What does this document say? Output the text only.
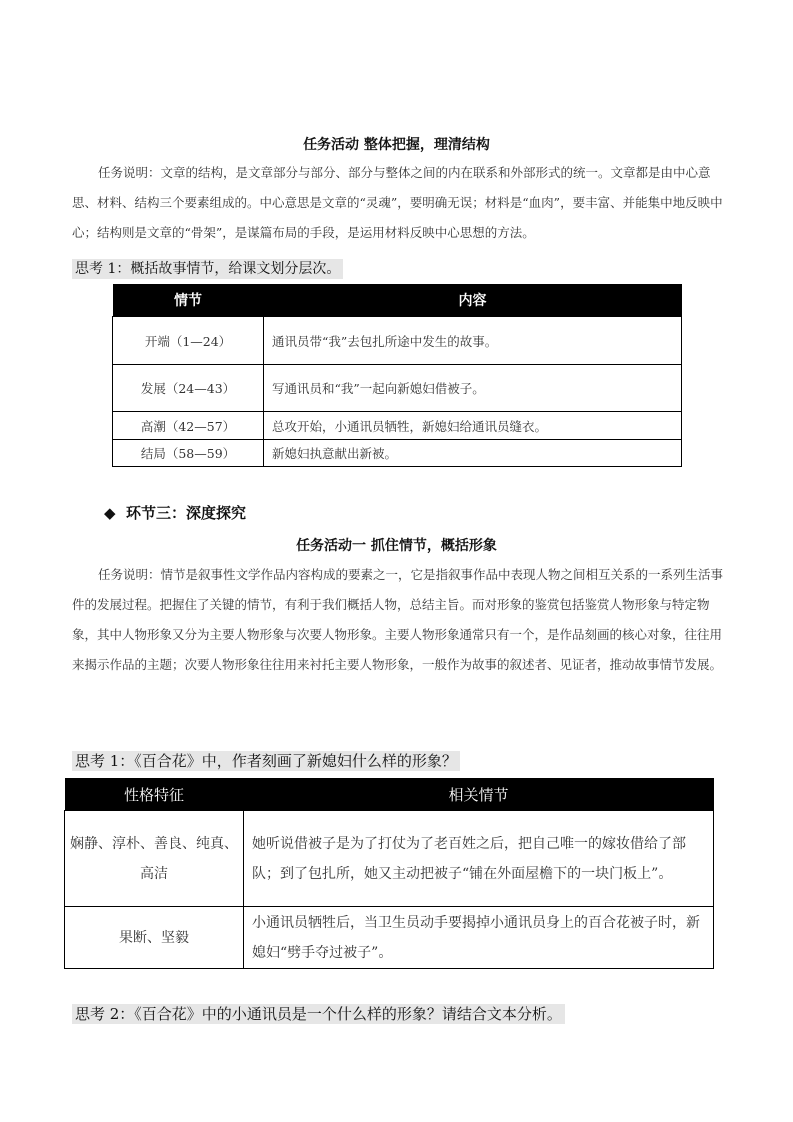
任务活动 整体把握，理清结构
任务说明：文章的结构，是文章部分与部分、部分与整体之间的内在联系和外部形式的统一。文章都是由中心意思、材料、结构三个要素组成的。中心意思是文章的“灵魂”，要明确无误；材料是“血肉”，要丰富、并能集中地反映中心；结构则是文章的“骨架”，是谋篇布局的手段，是运用材料反映中心思想的方法。
思考 1：概括故事情节，给课文划分层次。
情节	内容
开端（1—24）	通讯员带“我”去包扎所途中发生的故事。
发展（24—43）	写通讯员和“我”一起向新媳妇借被子。
高潮（42—57）	总攻开始，小通讯员牺牲，新媳妇给通讯员缝衣。
结局（58—59）	新媳妇执意献出新被。
◆ 环节三：深度探究
任务活动一 抓住情节，概括形象
任务说明：情节是叙事性文学作品内容构成的要素之一，它是指叙事作品中表现人物之间相互关系的一系列生活事件的发展过程。把握住了关键的情节，有利于我们概括人物，总结主旨。而对形象的鉴赏包括鉴赏人物形象与特定物象，其中人物形象又分为主要人物形象与次要人物形象。主要人物形象通常只有一个，是作品刻画的核心对象，往往用来揭示作品的主题；次要人物形象往往用来衬托主要人物形象，一般作为故事的叙述者、见证者，推动故事情节发展。
思考 1：《百合花》中，作者刻画了新媳妇什么样的形象？
性格特征	相关情节
娴静、淳朴、善良、纯真、高洁	她听说借被子是为了打仗为了老百姓之后，把自己唯一的嫁妆借给了部队；到了包扎所，她又主动把被子“铺在外面屋檐下的一块门板上”。
果断、坚毅	小通讯员牺牲后，当卫生员动手要揭掉小通讯员身上的百合花被子时，新媳妇“劈手夺过被子”。
思考 2：《百合花》中的小通讯员是一个什么样的形象？请结合文本分析。
